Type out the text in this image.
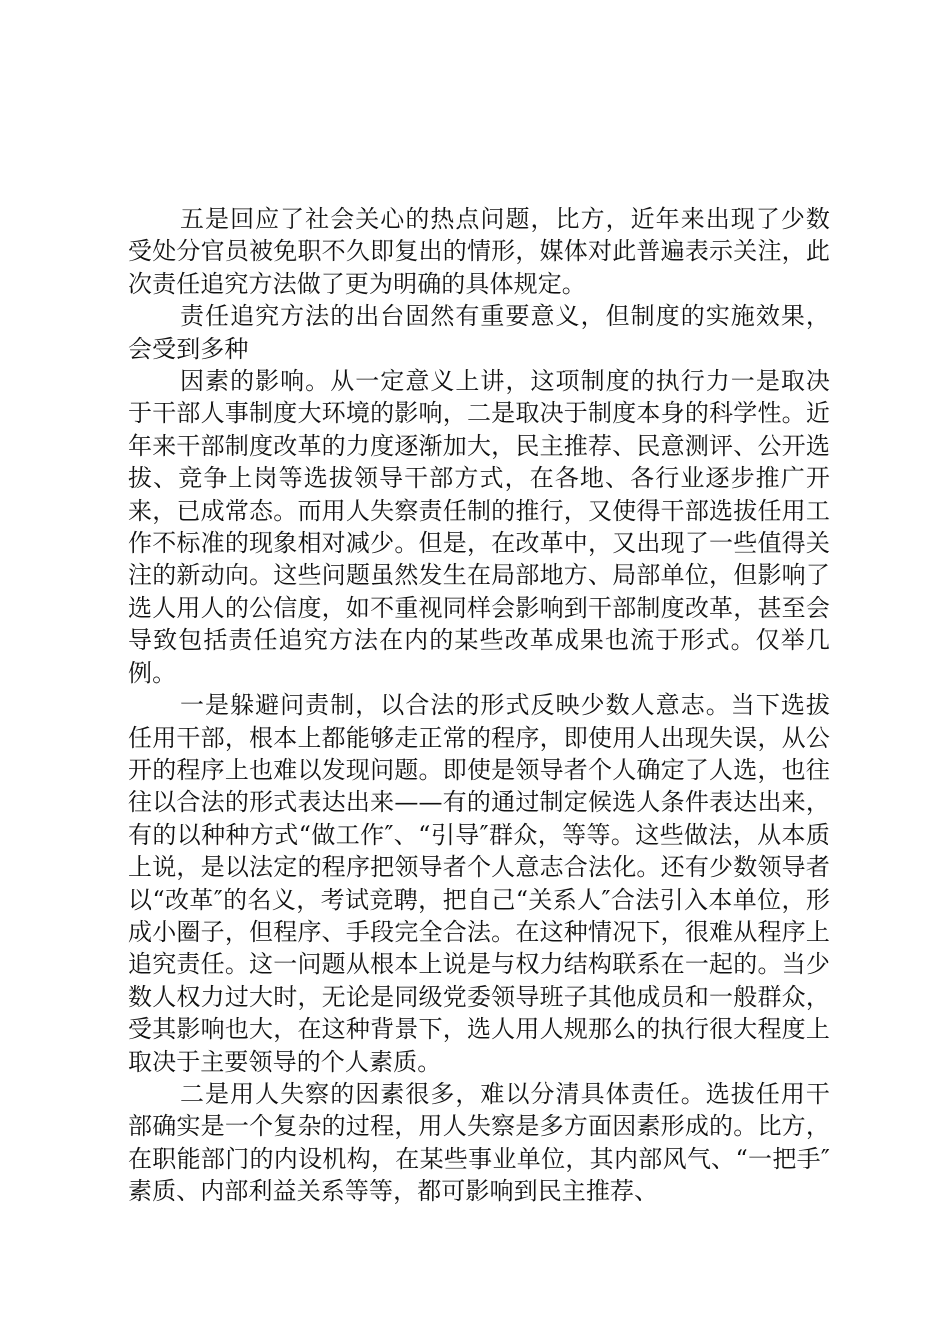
五是回应了社会关心的热点问题，比方，近年来出现了少数受处分官员被免职不久即复出的情形，媒体对此普遍表示关注，此次责任追究方法做了更为明确的具体规定。

责任追究方法的出台固然有重要意义，但制度的实施效果，会受到多种

因素的影响。从一定意义上讲，这项制度的执行力一是取决于干部人事制度大环境的影响，二是取决于制度本身的科学性。近年来干部制度改革的力度逐渐加大，民主推荐、民意测评、公开选拔、竞争上岗等选拔领导干部方式，在各地、各行业逐步推广开来，已成常态。而用人失察责任制的推行，又使得干部选拔任用工作不标准的现象相对减少。但是，在改革中，又出现了一些值得关注的新动向。这些问题虽然发生在局部地方、局部单位，但影响了选人用人的公信度，如不重视同样会影响到干部制度改革，甚至会导致包括责任追究方法在内的某些改革成果也流于形式。仅举几例。

一是躲避问责制，以合法的形式反映少数人意志。当下选拔任用干部，根本上都能够走正常的程序，即使用人出现失误，从公开的程序上也难以发现问题。即使是领导者个人确定了人选，也往往以合法的形式表达出来——有的通过制定候选人条件表达出来，有的以种种方式“做工作″、“引导″群众，等等。这些做法，从本质上说，是以法定的程序把领导者个人意志合法化。还有少数领导者以“改革″的名义，考试竞聘，把自己“关系人″合法引入本单位，形成小圈子，但程序、手段完全合法。在这种情况下，很难从程序上追究责任。这一问题从根本上说是与权力结构联系在一起的。当少数人权力过大时，无论是同级党委领导班子其他成员和一般群众，受其影响也大，在这种背景下，选人用人规那么的执行很大程度上取决于主要领导的个人素质。

二是用人失察的因素很多，难以分清具体责任。选拔任用干部确实是一个复杂的过程，用人失察是多方面因素形成的。比方，在职能部门的内设机构，在某些事业单位，其内部风气、“一把手″素质、内部利益关系等等，都可影响到民主推荐、
